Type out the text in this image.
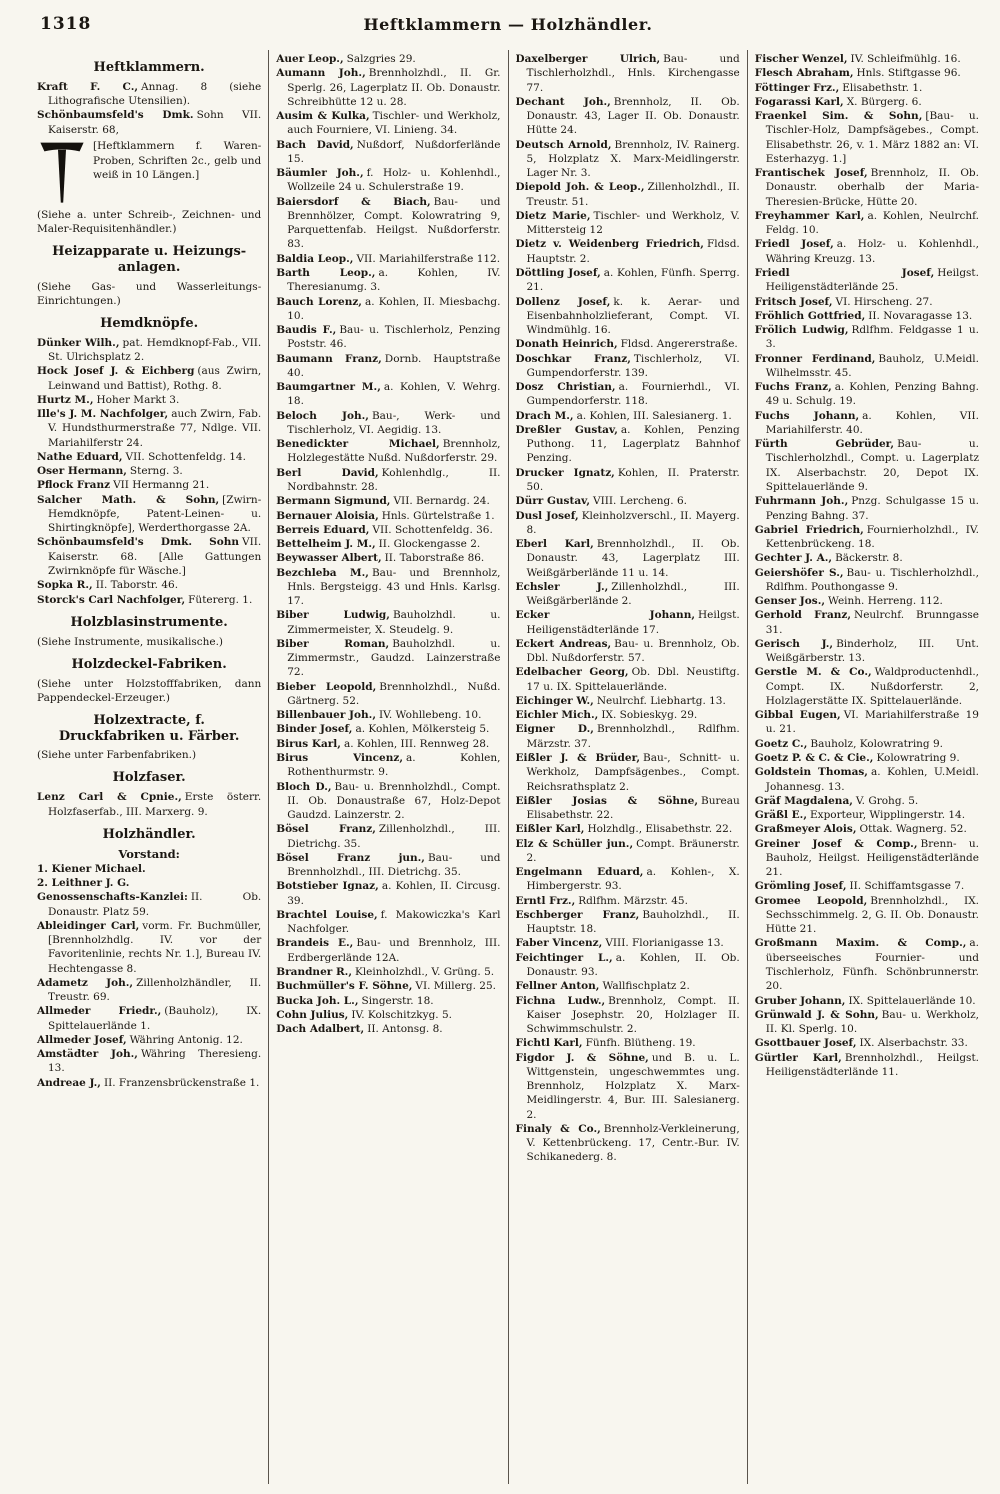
1318	Heftklammern — Holzhändler.
Heftklammern.
Kraft F. C., Annag. 8 (siehe Lithografische Utensilien).
Schönbaumsfeld's Dmk. Sohn VII. Kaiserstr. 68,
[Heftklammern f. Waren-Proben, Schriften 2c., gelb und weiß in 10 Längen.]
(Siehe a. unter Schreib-, Zeichnen- und Maler-Requisitenhändler.)
Heizapparate u. Heizungs-anlagen.
(Siehe Gas- und Wasserleitungs-Einrichtungen.)
Hemdknöpfe.
Dünker Wilh., pat. Hemdknopf-Fab., VII. St. Ulrichsplatz 2.
Hock Josef J. & Eichberg (aus Zwirn, Leinwand und Battist), Rothg. 8.
Hurtz M., Hoher Markt 3.
Ille's J. M. Nachfolger, auch Zwirn, Fab. V. Hundsthurmerstraße 77, Ndlge. VII. Mariahilferstr 24.
Nathe Eduard, VII. Schottenfeldg. 14.
Oser Hermann, Sterng. 3.
Pflock Franz VII Hermanng 21.
Salcher Math. & Sohn, [Zwirn-Hemdknöpfe, Patent-Leinen- u. Shirtingknöpfe], Werderthorgasse 2A.
Schönbaumsfeld's Dmk. Sohn VII. Kaiserstr. 68. [Alle Gattungen Zwirnknöpfe für Wäsche.]
Sopka R., II. Taborstr. 46.
Storck's Carl Nachfolger, Fütererg. 1.
Holzblasinstrumente.
(Siehe Instrumente, musikalische.)
Holzdeckel-Fabriken.
(Siehe unter Holzstofffabriken, dann Pappendeckel-Erzeuger.)
Holzextracte, f. Druckfabriken u. Färber.
(Siehe unter Farbenfabriken.)
Holzfaser.
Lenz Carl & Cpnie., Erste österr. Holzfaserfab., III. Marxerg. 9.
Holzhändler.
Vorstand:
1. Kiener Michael.
2. Leithner J. G.
Genossenschafts-Kanzlei: II. Ob. Donaustr. Platz 59.
Ableidinger Carl, vorm. Fr. Buchmüller, [Brennholzhdlg. IV. vor der Favoritenlinie, rechts Nr. 1.], Bureau IV. Hechtengasse 8.
Adametz Joh., Zillenholzhändler, II. Treustr. 69.
Allmeder Friedr., (Bauholz), IX. Spittelauerlände 1.
Allmeder Josef, Währing Antonig. 12.
Amstädter Joh., Währing Theresieng. 13.
Andreae J., II. Franzensbrückenstraße 1.
Auer Leop., Salzgries 29.
Aumann Joh., Brennholzhdl., II. Gr. Sperlg. 26, Lagerplatz II. Ob. Donaustr. Schreibhütte 12 u. 28.
Ausim & Kulka, Tischler- und Werkholz, auch Fourniere, VI. Linieng. 34.
Bach David, Nußdorf, Nußdorferlände 15.
Bäumler Joh., f. Holz- u. Kohlenhdl., Wollzeile 24 u. Schulerstraße 19.
Baiersdorf & Biach, Bau- und Brennhölzer, Compt. Kolowratring 9, Parquettenfab. Heilgst. Nußdorferstr. 83.
Baldia Leop., VII. Mariahilferstraße 112.
Barth Leop., a. Kohlen, IV. Theresianumg. 3.
Bauch Lorenz, a. Kohlen, II. Miesbachg. 10.
Baudis F., Bau- u. Tischlerholz, Penzing Poststr. 46.
Baumann Franz, Dornb. Hauptstraße 40.
Baumgartner M., a. Kohlen, V. Wehrg. 18.
Beloch Joh., Bau-, Werk- und Tischlerholz, VI. Aegidig. 13.
Benedickter Michael, Brennholz, Holzlegestätte Nußd. Nußdorferstr. 29.
Berl David, Kohlenhdlg., II. Nordbahnstr. 28.
Bermann Sigmund, VII. Bernardg. 24.
Bernauer Aloisia, Hnls. Gürtelstraße 1.
Berreis Eduard, VII. Schottenfeldg. 36.
Bettelheim J. M., II. Glockengasse 2.
Beywasser Albert, II. Taborstraße 86.
Bezchleba M., Bau- und Brennholz, Hnls. Bergsteigg. 43 und Hnls. Karlsg. 17.
Biber Ludwig, Bauholzhdl. u. Zimmermeister, X. Steudelg. 9.
Biber Roman, Bauholzhdl. u. Zimmermstr., Gaudzd. Lainzerstraße 72.
Bieber Leopold, Brennholzhdl., Nußd. Gärtnerg. 52.
Billenbauer Joh., IV. Wohllebeng. 10.
Binder Josef, a. Kohlen, Mölkersteig 5.
Birus Karl, a. Kohlen, III. Rennweg 28.
Birus Vincenz, a. Kohlen, Rothenthurmstr. 9.
Bloch D., Bau- u. Brennholzhdl., Compt. II. Ob. Donaustraße 67, Holz-Depot Gaudzd. Lainzerstr. 2.
Bösel Franz, Zillenholzhdl., III. Dietrichg. 35.
Bösel Franz jun., Bau- und Brennholzhdl., III. Dietrichg. 35.
Botstieber Ignaz, a. Kohlen, II. Circusg. 39.
Brachtel Louise, f. Makowiczka's Karl Nachfolger.
Brandeis E., Bau- und Brennholz, III. Erdbergerlände 12A.
Brandner R., Kleinholzhdl., V. Grüng. 5.
Buchmüller's F. Söhne, VI. Millerg. 25.
Bucka Joh. L., Singerstr. 18.
Cohn Julius, IV. Kolschitzkyg. 5.
Dach Adalbert, II. Antonsg. 8.
Daxelberger Ulrich, Bau- und Tischlerholzhdl., Hnls. Kirchengasse 77.
Dechant Joh., Brennholz, II. Ob. Donaustr. 43, Lager II. Ob. Donaustr. Hütte 24.
Deutsch Arnold, Brennholz, IV. Rainerg. 5, Holzplatz X. Marx-Meidlingerstr. Lager Nr. 3.
Diepold Joh. & Leop., Zillenholzhdl., II. Treustr. 51.
Dietz Marie, Tischler- und Werkholz, V. Mittersteig 12
Dietz v. Weidenberg Friedrich, Fldsd. Hauptstr. 2.
Döttling Josef, a. Kohlen, Fünfh. Sperrg. 21.
Dollenz Josef, k. k. Aerar- und Eisenbahnholzlieferant, Compt. VI. Windmühlg. 16.
Donath Heinrich, Fldsd. Angererstraße.
Doschkar Franz, Tischlerholz, VI. Gumpendorferstr. 139.
Dosz Christian, a. Fournierhdl., VI. Gumpendorferstr. 118.
Drach M., a. Kohlen, III. Salesianerg. 1.
Dreßler Gustav, a. Kohlen, Penzing Puthong. 11, Lagerplatz Bahnhof Penzing.
Drucker Ignatz, Kohlen, II. Praterstr. 50.
Dürr Gustav, VIII. Lercheng. 6.
Dusl Josef, Kleinholzverschl., II. Mayerg. 8.
Eberl Karl, Brennholzhdl., II. Ob. Donaustr. 43, Lagerplatz III. Weißgärberlände 11 u. 14.
Echsler J., Zillenholzhdl., III. Weißgärberlände 2.
Ecker Johann, Heilgst. Heiligenstädterlände 17.
Eckert Andreas, Bau- u. Brennholz, Ob. Dbl. Nußdorferstr. 57.
Edelbacher Georg, Ob. Dbl. Neustiftg. 17 u. IX. Spittelauerlände.
Eichinger W., Neulrchf. Liebhartg. 13.
Eichler Mich., IX. Sobieskyg. 29.
Eigner D., Brennholzhdl., Rdlfhm. Märzstr. 37.
Eißler J. & Brüder, Bau-, Schnitt- u. Werkholz, Dampfsägenbes., Compt. Reichsrathsplatz 2.
Eißler Josias & Söhne, Bureau Elisabethstr. 22.
Eißler Karl, Holzhdlg., Elisabethstr. 22.
Elz & Schüller jun., Compt. Bräunerstr. 2.
Engelmann Eduard, a. Kohlen-, X. Himbergerstr. 93.
Erntl Frz., Rdlfhm. Märzstr. 45.
Eschberger Franz, Bauholzhdl., II. Hauptstr. 18.
Faber Vincenz, VIII. Florianigasse 13.
Feichtinger L., a. Kohlen, II. Ob. Donaustr. 93.
Fellner Anton, Wallfischplatz 2.
Fichna Ludw., Brennholz, Compt. II. Kaiser Josephstr. 20, Holzlager II. Schwimmschulstr. 2.
Fichtl Karl, Fünfh. Blütheng. 19.
Figdor J. & Söhne, und B. u. L. Wittgenstein, ungeschwemmtes ung. Brennholz, Holzplatz X. Marx-Meidlingerstr. 4, Bur. III. Salesianerg. 2.
Finaly & Co., Brennholz-Verkleinerung, V. Kettenbrückeng. 17, Centr.-Bur. IV. Schikanederg. 8.
Fischer Wenzel, IV. Schleifmühlg. 16.
Flesch Abraham, Hnls. Stiftgasse 96.
Föttinger Frz., Elisabethstr. 1.
Fogarassi Karl, X. Bürgerg. 6.
Fraenkel Sim. & Sohn, [Bau- u. Tischler-Holz, Dampfsägebes., Compt. Elisabethstr. 26, v. 1. März 1882 an: VI. Esterhazyg. 1.]
Frantischek Josef, Brennholz, II. Ob. Donaustr. oberhalb der Maria-Theresien-Brücke, Hütte 20.
Freyhammer Karl, a. Kohlen, Neulrchf. Feldg. 10.
Friedl Josef, a. Holz- u. Kohlenhdl., Währing Kreuzg. 13.
Friedl Josef, Heilgst. Heiligenstädterlände 25.
Fritsch Josef, VI. Hirscheng. 27.
Fröhlich Gottfried, II. Novaragasse 13.
Frölich Ludwig, Rdlfhm. Feldgasse 1 u. 3.
Fronner Ferdinand, Bauholz, U.Meidl. Wilhelmsstr. 45.
Fuchs Franz, a. Kohlen, Penzing Bahng. 49 u. Schulg. 19.
Fuchs Johann, a. Kohlen, VII. Mariahilferstr. 40.
Fürth Gebrüder, Bau- u. Tischlerholzhdl., Compt. u. Lagerplatz IX. Alserbachstr. 20, Depot IX. Spittelauerlände 9.
Fuhrmann Joh., Pnzg. Schulgasse 15 u. Penzing Bahng. 37.
Gabriel Friedrich, Fournierholzhdl., IV. Kettenbrückeng. 18.
Gechter J. A., Bäckerstr. 8.
Geiershöfer S., Bau- u. Tischlerholzhdl., Rdlfhm. Pouthongasse 9.
Genser Jos., Weinh. Herreng. 112.
Gerhold Franz, Neulrchf. Brunngasse 31.
Gerisch J., Binderholz, III. Unt. Weißgärberstr. 13.
Gerstle M. & Co., Waldproductenhdl., Compt. IX. Nußdorferstr. 2, Holzlagerstätte IX. Spittelauerlände.
Gibbal Eugen, VI. Mariahilferstraße 19 u. 21.
Goetz C., Bauholz, Kolowratring 9.
Goetz P. & C. & Cie., Kolowratring 9.
Goldstein Thomas, a. Kohlen, U.Meidl. Johannesg. 13.
Gräf Magdalena, V. Grohg. 5.
Gräßl E., Exporteur, Wipplingerstr. 14.
Graßmeyer Alois, Ottak. Wagnerg. 52.
Greiner Josef & Comp., Brenn- u. Bauholz, Heilgst. Heiligenstädterlände 21.
Grömling Josef, II. Schiffamtsgasse 7.
Gromee Leopold, Brennholzhdl., IX. Sechsschimmelg. 2, G. II. Ob. Donaustr. Hütte 21.
Großmann Maxim. & Comp., a. überseeisches Fournier- und Tischlerholz, Fünfh. Schönbrunnerstr. 20.
Gruber Johann, IX. Spittelauerlände 10.
Grünwald J. & Sohn, Bau- u. Werkholz, II. Kl. Sperlg. 10.
Gsottbauer Josef, IX. Alserbachstr. 33.
Gürtler Karl, Brennholzhdl., Heilgst. Heiligenstädterlände 11.
